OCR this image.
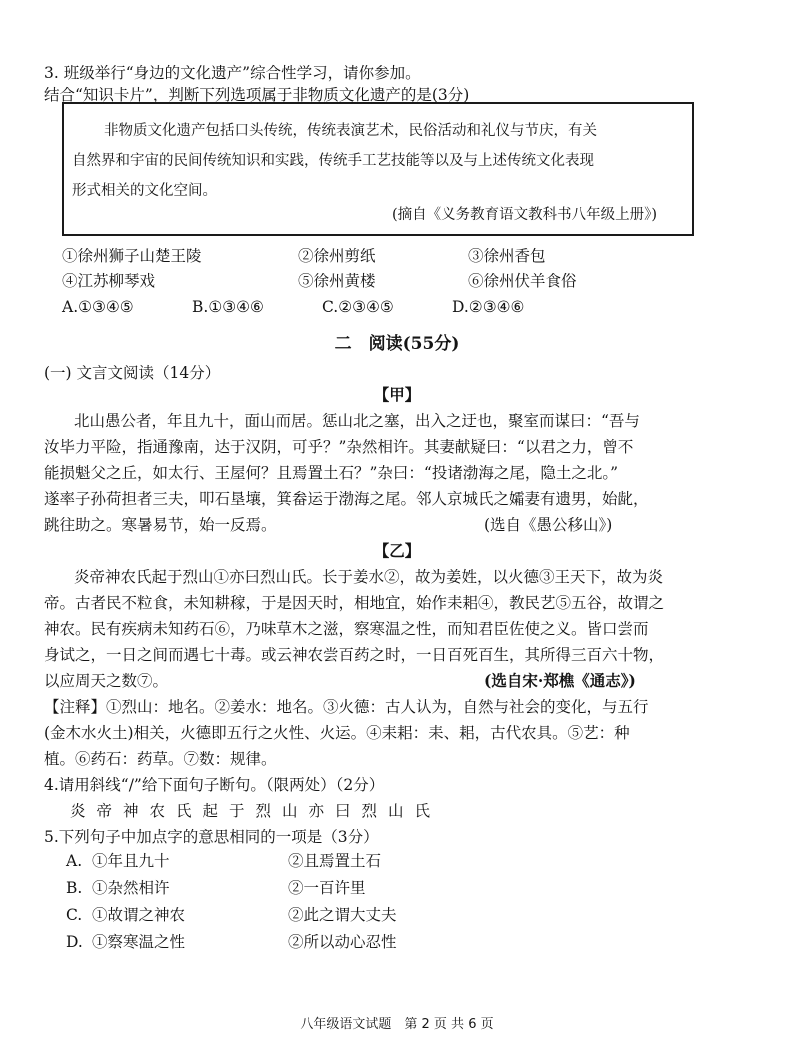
3. 班级举行“身边的文化遗产”综合性学习，请你参加。
结合“知识卡片”，判断下列选项属于非物质文化遗产的是(3分)
非物质文化遗产包括口头传统，传统表演艺术，民俗活动和礼仪与节庆，有关
自然界和宇宙的民间传统知识和实践，传统手工艺技能等以及与上述传统文化表现
形式相关的文化空间。
(摘自《义务教育语文教科书八年级上册》)
①徐州狮子山楚王陵	②徐州剪纸	③徐州香包
④江苏柳琴戏	⑤徐州黄楼	⑥徐州伏羊食俗
A.①③④⑤	B.①③④⑥	C.②③④⑤	D.②③④⑥
二　阅读(55分)
(一) 文言文阅读（14分）
【甲】
北山愚公者，年且九十，面山而居。惩山北之塞，出入之迂也，聚室而谋曰：“吾与
汝毕力平险，指通豫南，达于汉阴，可乎？”杂然相许。其妻献疑曰：“以君之力，曾不
能损魁父之丘，如太行、王屋何？且焉置土石？”杂曰：“投诸渤海之尾，隐土之北。”
遂率子孙荷担者三夫，叩石垦壤，箕畚运于渤海之尾。邻人京城氏之孀妻有遗男，始龀，
跳往助之。寒暑易节，始一反焉。	(选自《愚公移山》)
【乙】
炎帝神农氏起于烈山①亦曰烈山氏。长于姜水②，故为姜姓，以火德③王天下，故为炎
帝。古者民不粒食，未知耕稼，于是因天时，相地宜，始作耒耜④，教民艺⑤五谷，故谓之
神农。民有疾病未知药石⑥，乃味草木之滋，察寒温之性，而知君臣佐使之义。皆口尝而
身试之，一日之间而遇七十毒。或云神农尝百药之时，一日百死百生，其所得三百六十物，
以应周天之数⑦。	(选自宋·郑樵《通志》)
【注释】①烈山：地名。②姜水：地名。③火德：古人认为，自然与社会的变化，与五行
(金木水火土)相关，火德即五行之火性、火运。④耒耜：耒、耜，古代农具。⑤艺：种
植。⑥药石：药草。⑦数：规律。
4.请用斜线“/”给下面句子断句。（限两处）（2分）
炎帝神农氏起于烈山亦曰烈山氏
5.下列句子中加点字的意思相同的一项是（3分）
A. ①年且九十	②且焉置土石
B. ①杂然相许	②一百许里
C. ①故谓之神农	②此之谓大丈夫
D. ①察寒温之性	②所以动心忍性
八年级语文试题　第 2 页 共 6 页
